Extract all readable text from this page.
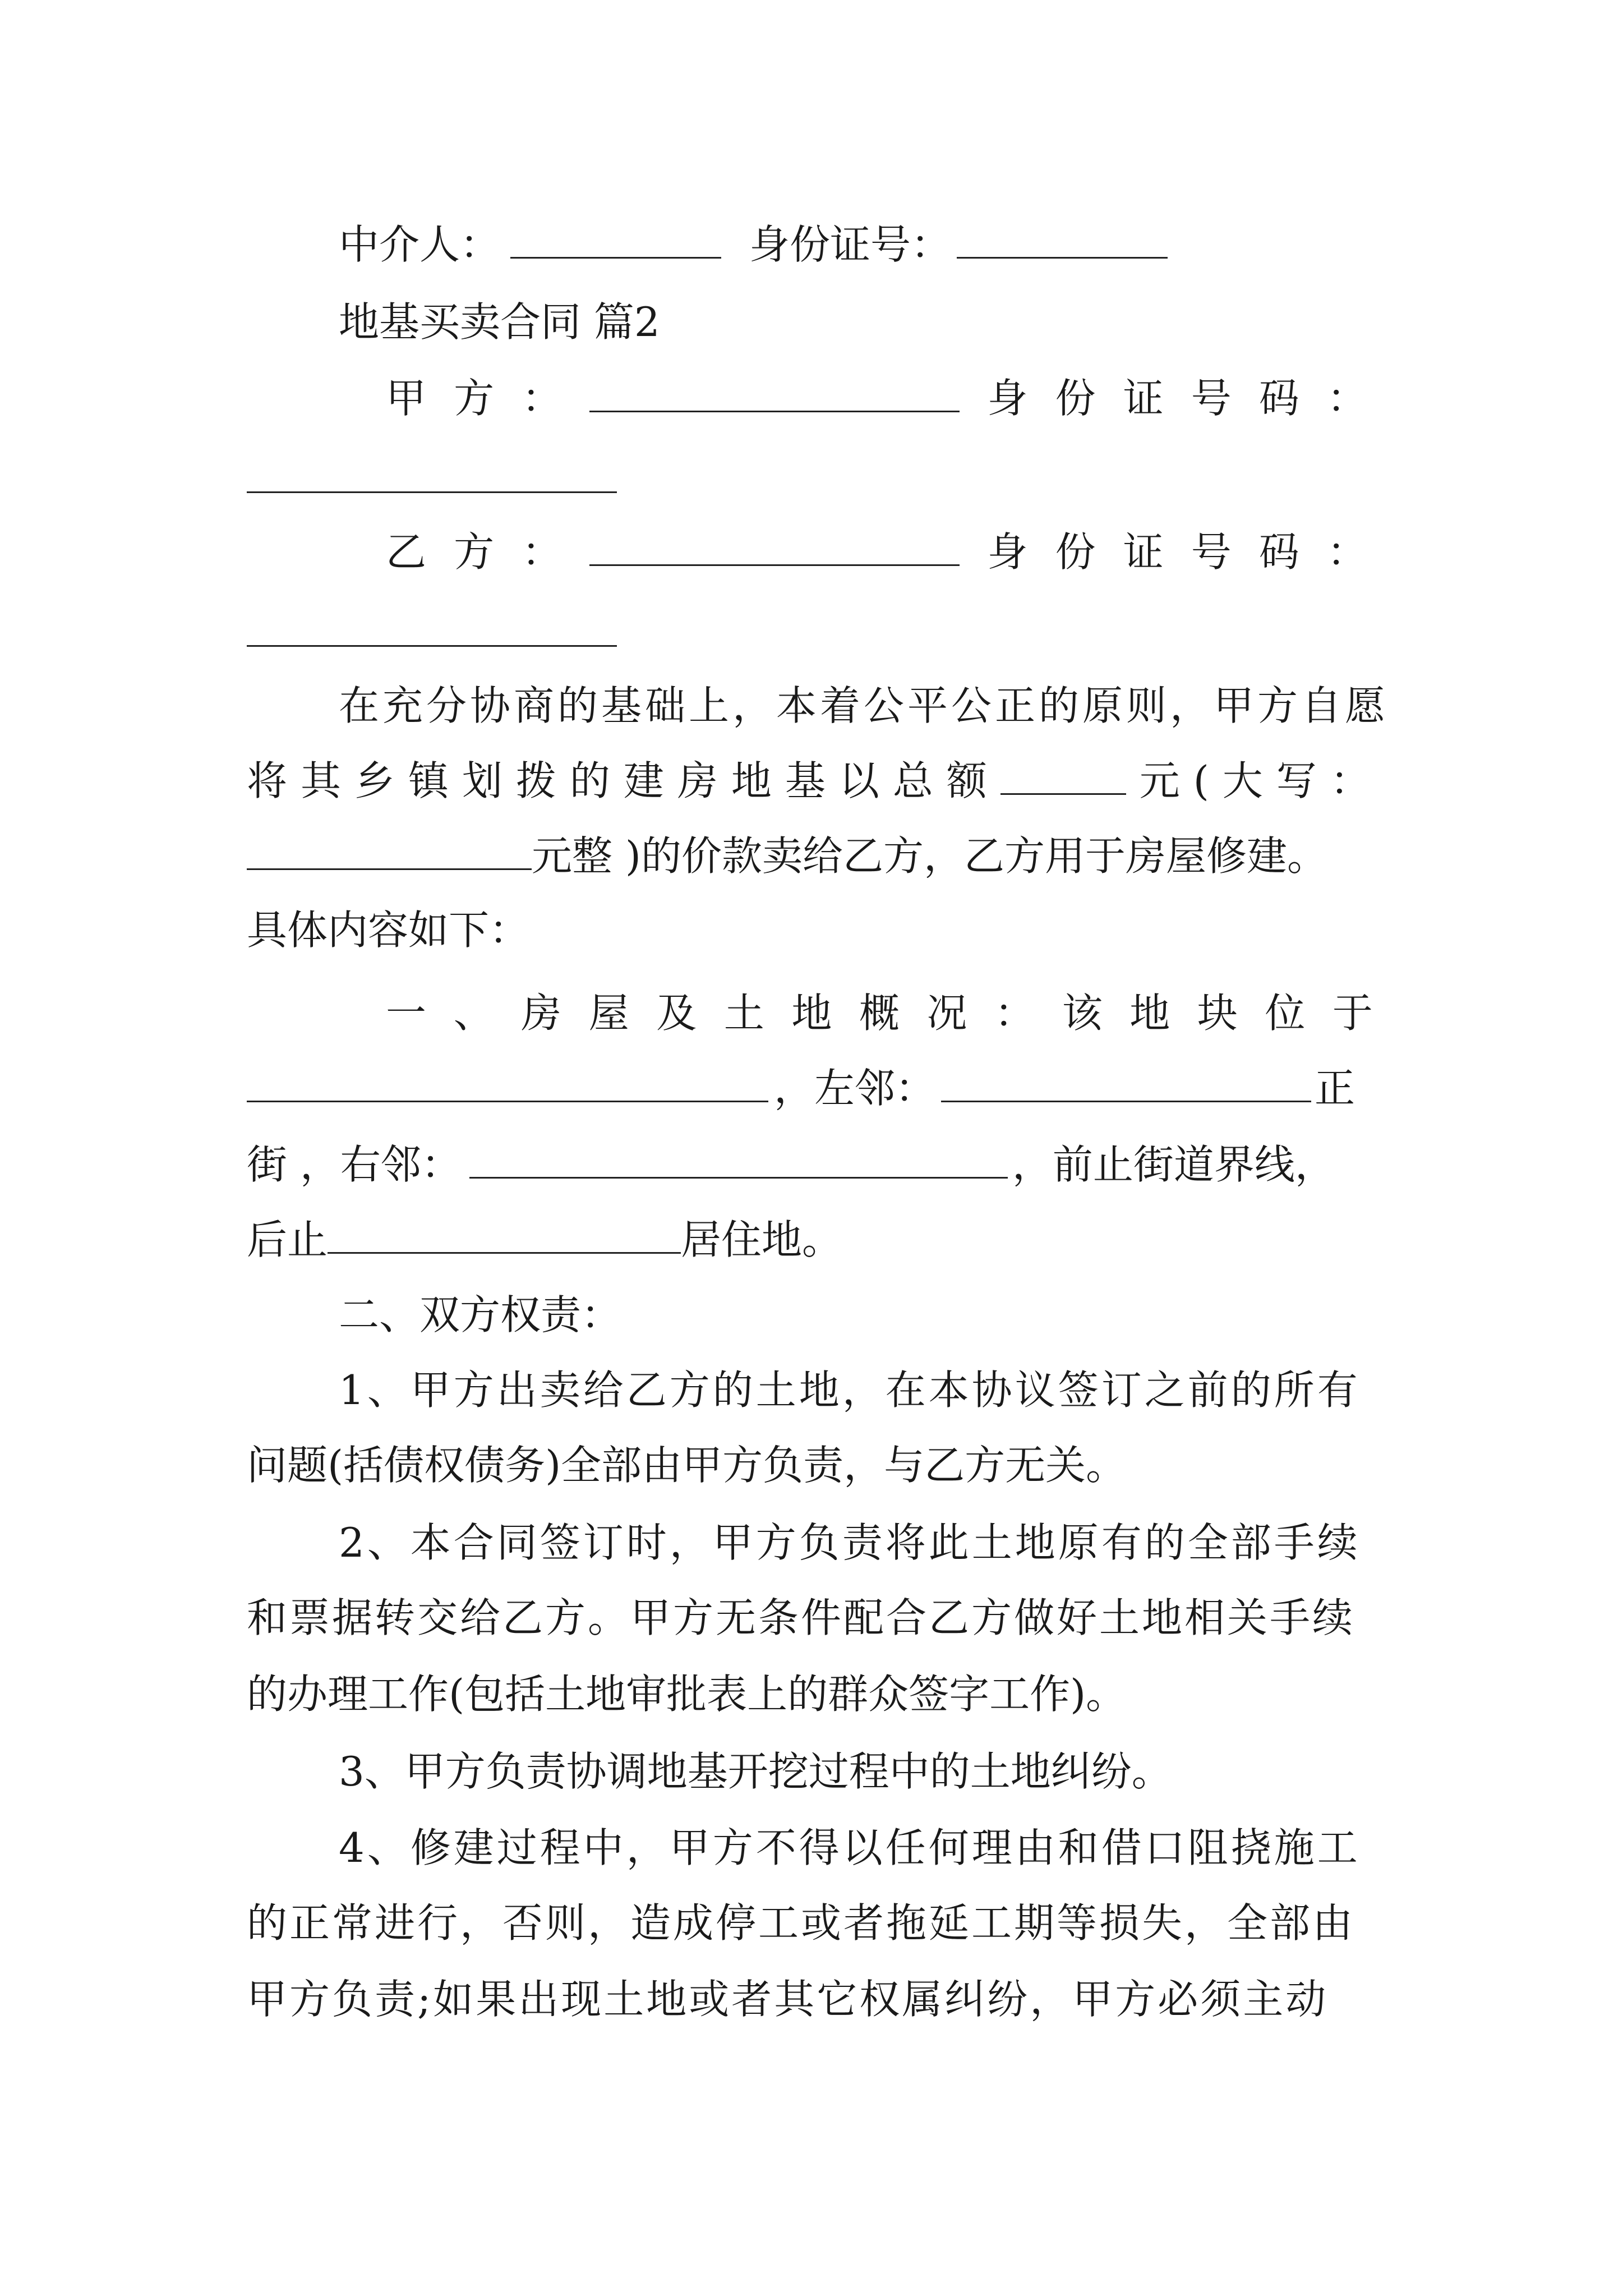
中介人：	身份证号：
地基买卖合同 篇2
甲 方 ：	身 份 证 号 码 ：
乙 方 ：	身 份 证 号 码 ：
在充分协商的基础上，本着公平公正的原则，甲方自愿
将 其 乡 镇 划 拨 的 建 房 地 基 以 总 额	元 ( 大 写 ：
元整 )的价款卖给乙方，乙方用于房屋修建。
具体内容如下：
一 、 房 屋 及 土 地 概 况 ： 该 地 块 位 于
，左邻：	正
街 ，右邻：	，前止街道界线，
后止	居住地。
二、双方权责：
1、甲方出卖给乙方的土地，在本协议签订之前的所有
问题(括债权债务)全部由甲方负责，与乙方无关。
2、本合同签订时，甲方负责将此土地原有的全部手续
和票据转交给乙方。甲方无条件配合乙方做好土地相关手续
的办理工作(包括土地审批表上的群众签字工作)。
3、甲方负责协调地基开挖过程中的土地纠纷。
4、修建过程中，甲方不得以任何理由和借口阻挠施工
的正常进行，否则，造成停工或者拖延工期等损失，全部由
甲方负责;如果出现土地或者其它权属纠纷，甲方必须主动
